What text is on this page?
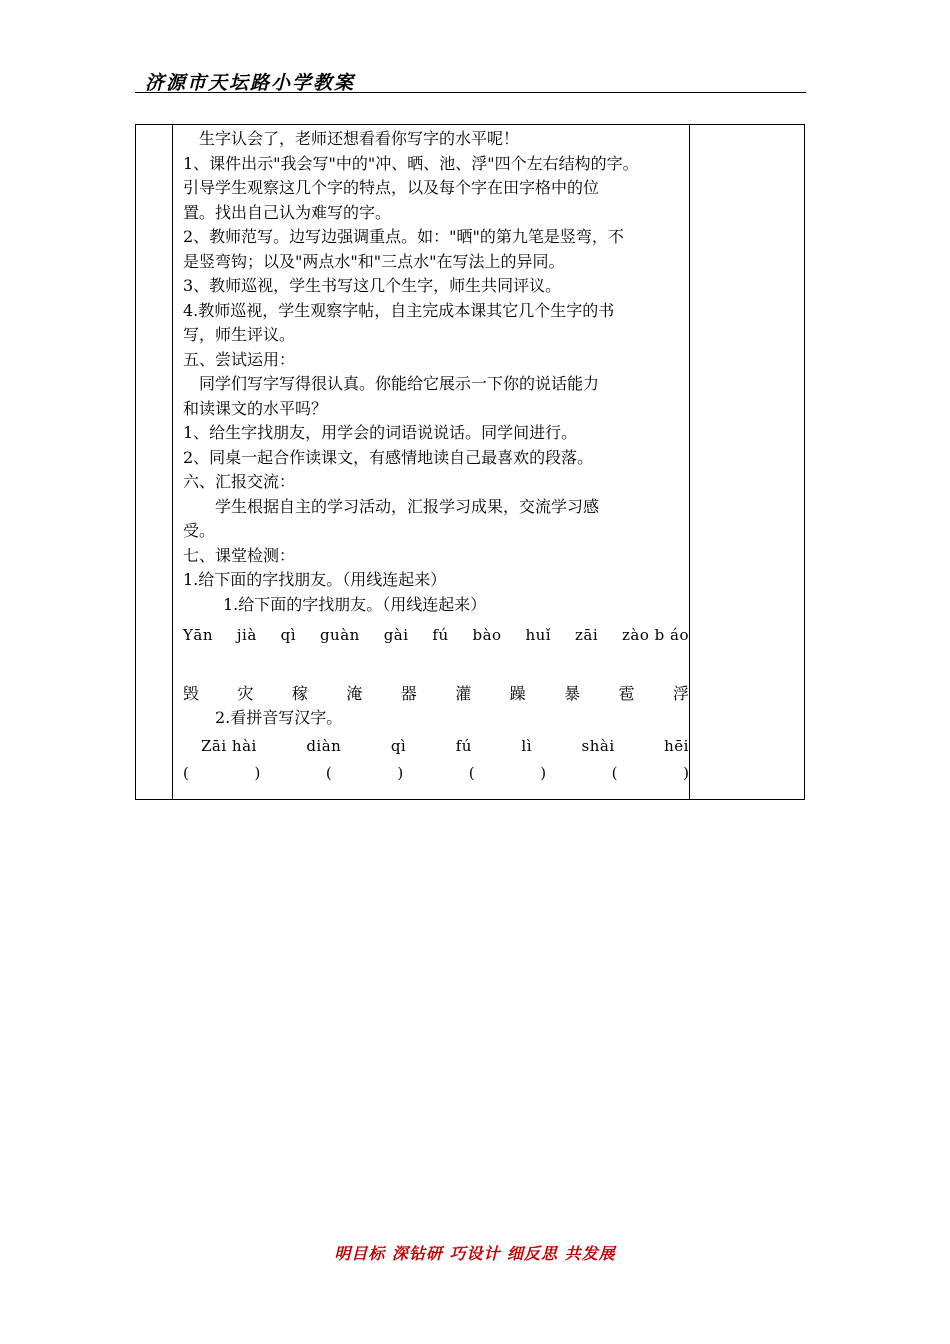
济源市天坛路小学教案

生字认会了，老师还想看看你写字的水平呢！

1、课件出示"我会写"中的"冲、晒、池、浮"四个左右结构的字。

引导学生观察这几个字的特点，以及每个字在田字格中的位

置。找出自己认为难写的字。

2、教师范写。边写边强调重点。如："晒"的第九笔是竖弯，不

是竖弯钩；以及"两点水"和"三点水"在写法上的异同。

3、教师巡视，学生书写这几个生字，师生共同评议。

4.教师巡视，学生观察字帖，自主完成本课其它几个生字的书

写，师生评议。

五、尝试运用：

同学们写字写得很认真。你能给它展示一下你的说话能力

和读课文的水平吗？

1、给生字找朋友，用学会的词语说说话。同学间进行。

2、同桌一起合作读课文，有感情地读自己最喜欢的段落。

六、汇报交流：

学生根据自主的学习活动，汇报学习成果，交流学习感

受。

七、课堂检测：

1.给下面的字找朋友。（用线连起来）

1.给下面的字找朋友。（用线连起来）

Yān jià qì guàn gài fú bào huǐ zāi zào b áo
毁 灾 稼 淹 器 灌 躁 暴 雹 浮

2.看拼音写汉字。

Zāi hài	diàn	qì	fú	lì	shài	hēi
(	)	(	)	(	)	(	)
明目标 深钻研 巧设计 细反思 共发展
